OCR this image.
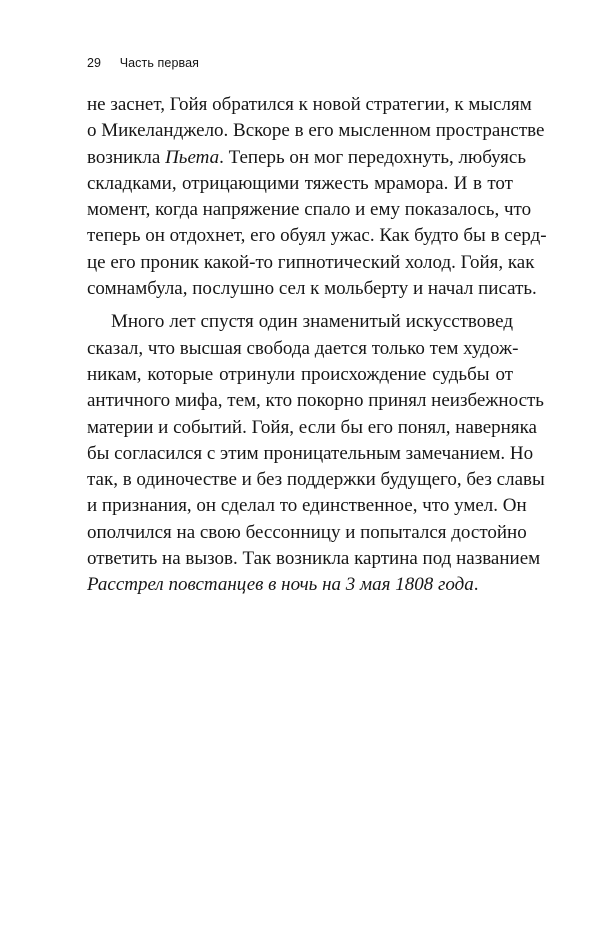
29 Часть первая
не заснет, Гойя обратился к новой стратегии, к мыслям
о Микеланджело. Вскоре в его мысленном пространстве
возникла Пьета. Теперь он мог передохнуть, любуясь
складками, отрицающими тяжесть мрамора. И в тот
момент, когда напряжение спало и ему показалось, что
теперь он отдохнет, его обуял ужас. Как будто бы в серд-
це его проник какой-то гипнотический холод. Гойя, как
сомнамбула, послушно сел к мольберту и начал писать.
Много лет спустя один знаменитый искусствовед
сказал, что высшая свобода дается только тем худож-
никам, которые отринули происхождение судьбы от
античного мифа, тем, кто покорно принял неизбежность
материи и событий. Гойя, если бы его понял, наверняка
бы согласился с этим проницательным замечанием. Но
так, в одиночестве и без поддержки будущего, без славы
и признания, он сделал то единственное, что умел. Он
ополчился на свою бессонницу и попытался достойно
ответить на вызов. Так возникла картина под названием
Расстрел повстанцев в ночь на 3 мая 1808 года.
